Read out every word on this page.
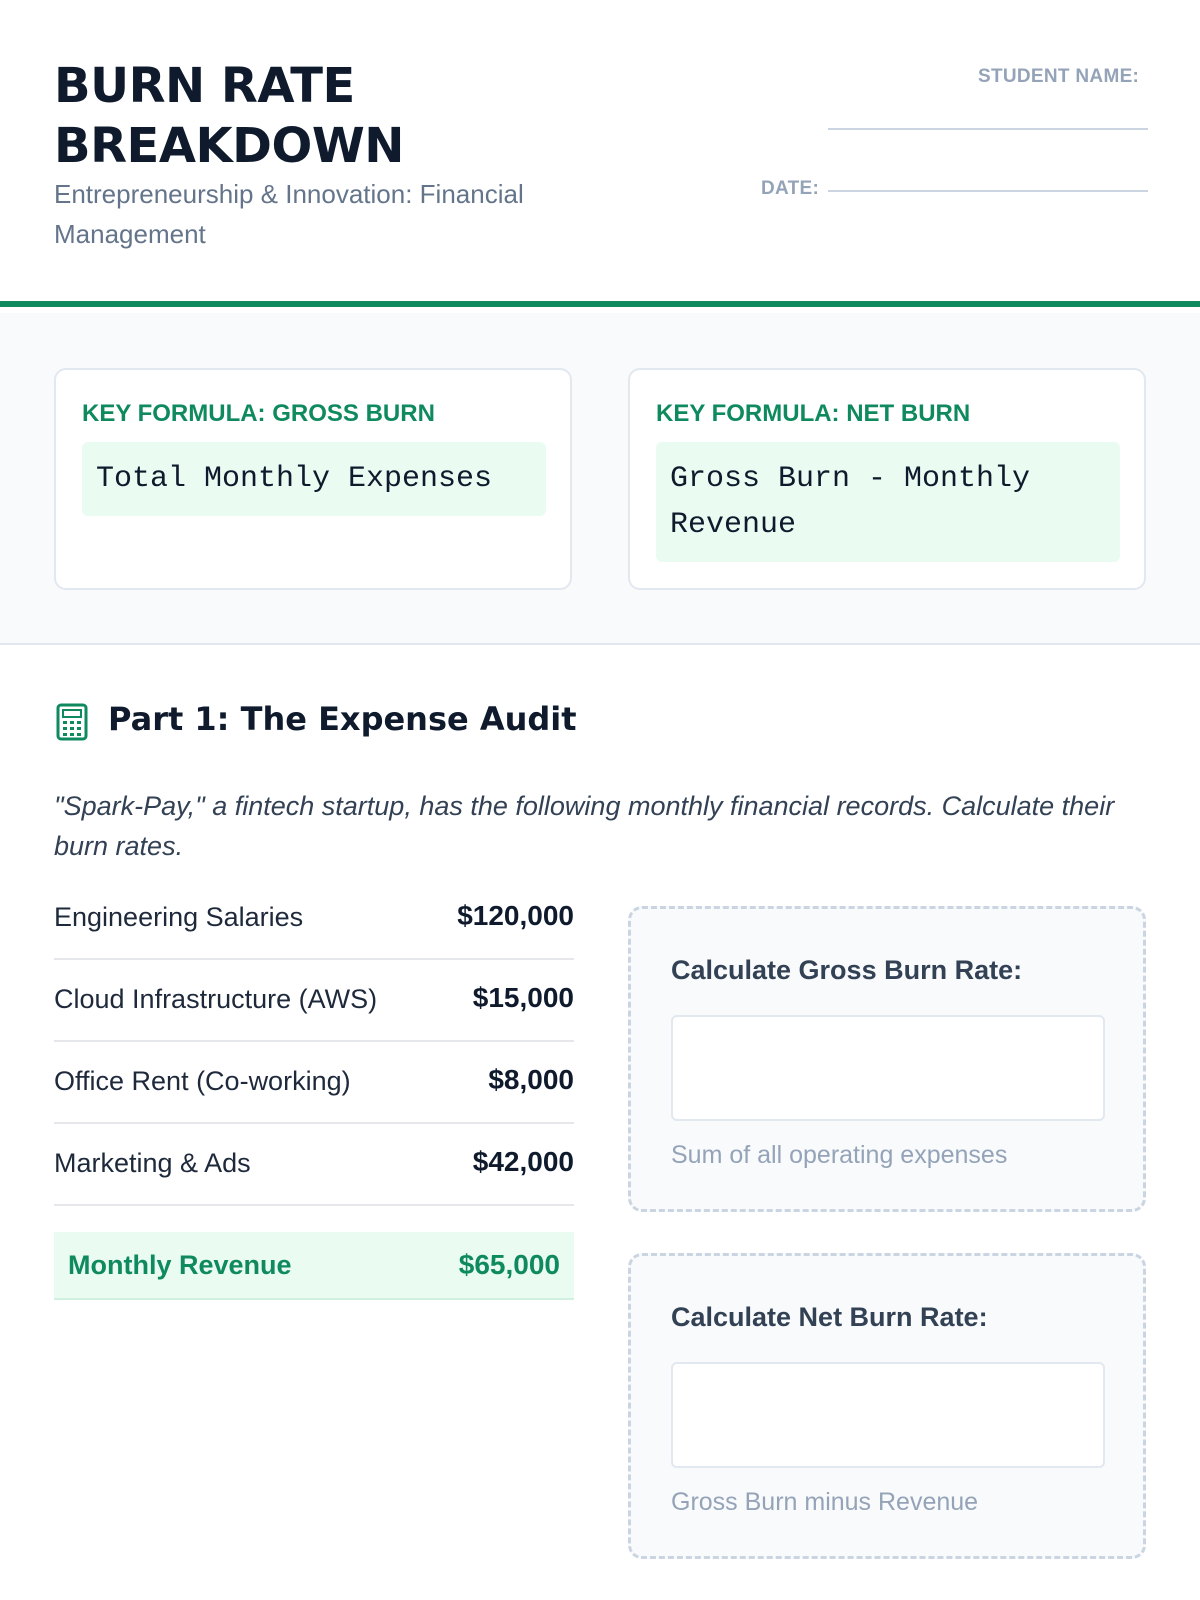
BURN RATE
BREAKDOWN
Entrepreneurship & Innovation: Financial Management
STUDENT NAME:
DATE:
KEY FORMULA: GROSS BURN
Total Monthly Expenses
KEY FORMULA: NET BURN
Gross Burn - Monthly Revenue
Part 1: The Expense Audit
"Spark-Pay," a fintech startup, has the following monthly financial records. Calculate their burn rates.
Engineering Salaries	$120,000
Cloud Infrastructure (AWS)	$15,000
Office Rent (Co-working)	$8,000
Marketing & Ads	$42,000
Monthly Revenue	$65,000
Calculate Gross Burn Rate:
Sum of all operating expenses
Calculate Net Burn Rate:
Gross Burn minus Revenue
